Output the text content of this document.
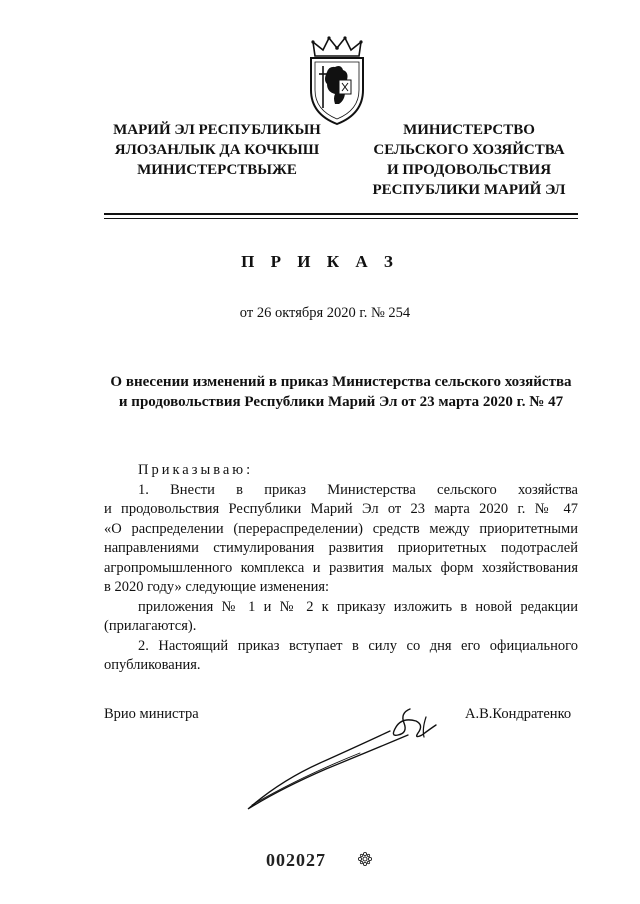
МАРИЙ ЭЛ РЕСПУБЛИКЫН
ЯЛОЗАНЛЫК ДА КОЧКЫШ
МИНИСТЕРСТВЫЖЕ
МИНИСТЕРСТВО
СЕЛЬСКОГО ХОЗЯЙСТВА
И ПРОДОВОЛЬСТВИЯ
РЕСПУБЛИКИ МАРИЙ ЭЛ
П Р И К А З
от 26 октября 2020 г. № 254
О внесении изменений в приказ Министерства сельского хозяйства
и продовольствия Республики Марий Эл от 23 марта 2020 г. № 47

Приказываю:

1. Внести в приказ Министерства сельского хозяйства

и продовольствия Республики Марий Эл от 23 марта 2020 г. № 47

«О распределении (перераспределении) средств между приоритетными

направлениями стимулирования развития приоритетных подотраслей

агропромышленного комплекса и развития малых форм хозяйствования

в 2020 году» следующие изменения:

приложения № 1 и № 2 к приказу изложить в новой редакции

(прилагаются).

2. Настоящий приказ вступает в силу со дня его официального

опубликования.

Врио министра	А.В.Кондратенко
002027
